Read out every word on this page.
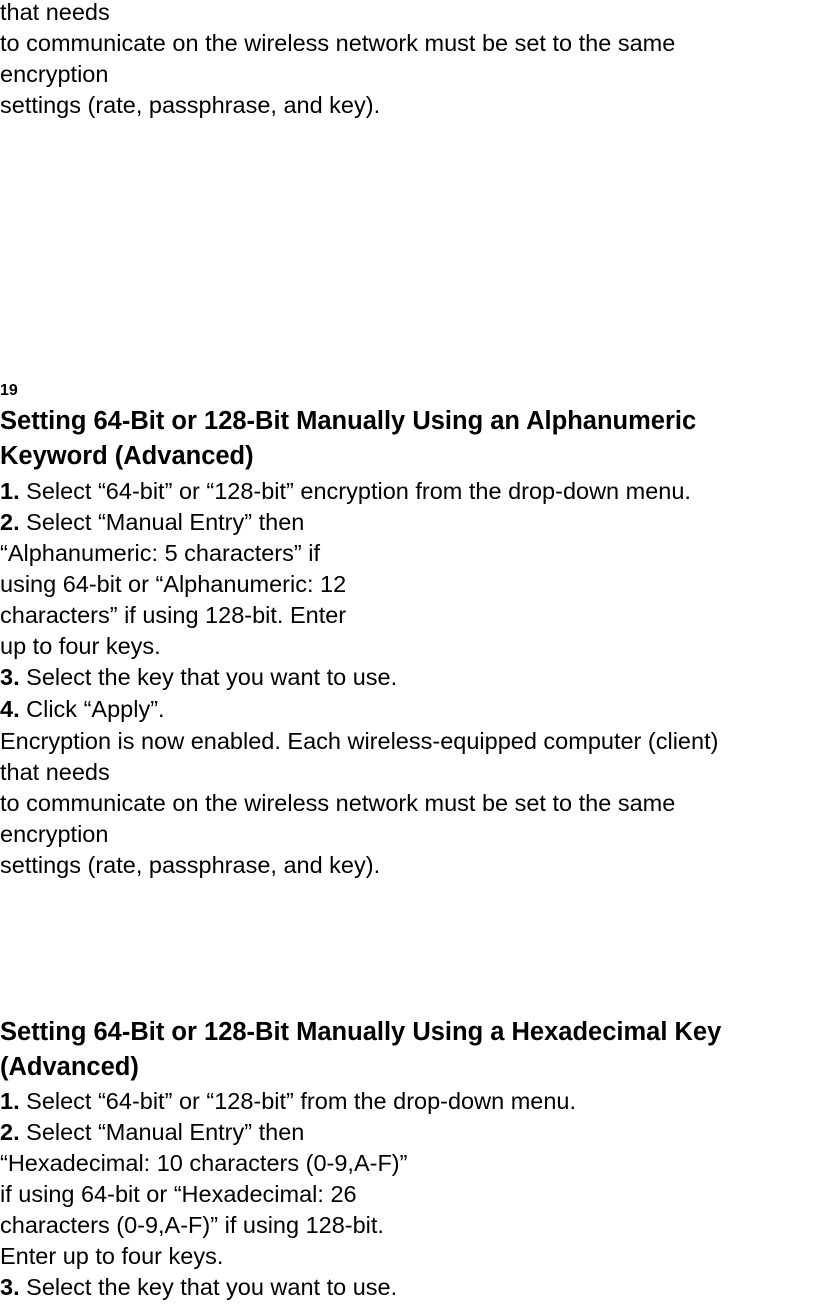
that needs
to communicate on the wireless network must be set to the same
encryption
settings (rate, passphrase, and key).
19
Setting 64-Bit or 128-Bit Manually Using an Alphanumeric
Keyword (Advanced)
1. Select “64-bit” or “128-bit” encryption from the drop-down menu.
2. Select “Manual Entry” then
“Alphanumeric: 5 characters” if
using 64-bit or “Alphanumeric: 12
characters” if using 128-bit. Enter
up to four keys.
3. Select the key that you want to use.
4. Click “Apply”.
Encryption is now enabled. Each wireless-equipped computer (client)
that needs
to communicate on the wireless network must be set to the same
encryption
settings (rate, passphrase, and key).
Setting 64-Bit or 128-Bit Manually Using a Hexadecimal Key
(Advanced)
1. Select “64-bit” or “128-bit” from the drop-down menu.
2. Select “Manual Entry” then
“Hexadecimal: 10 characters (0-9,A-F)”
if using 64-bit or “Hexadecimal: 26
characters (0-9,A-F)” if using 128-bit.
Enter up to four keys.
3. Select the key that you want to use.
